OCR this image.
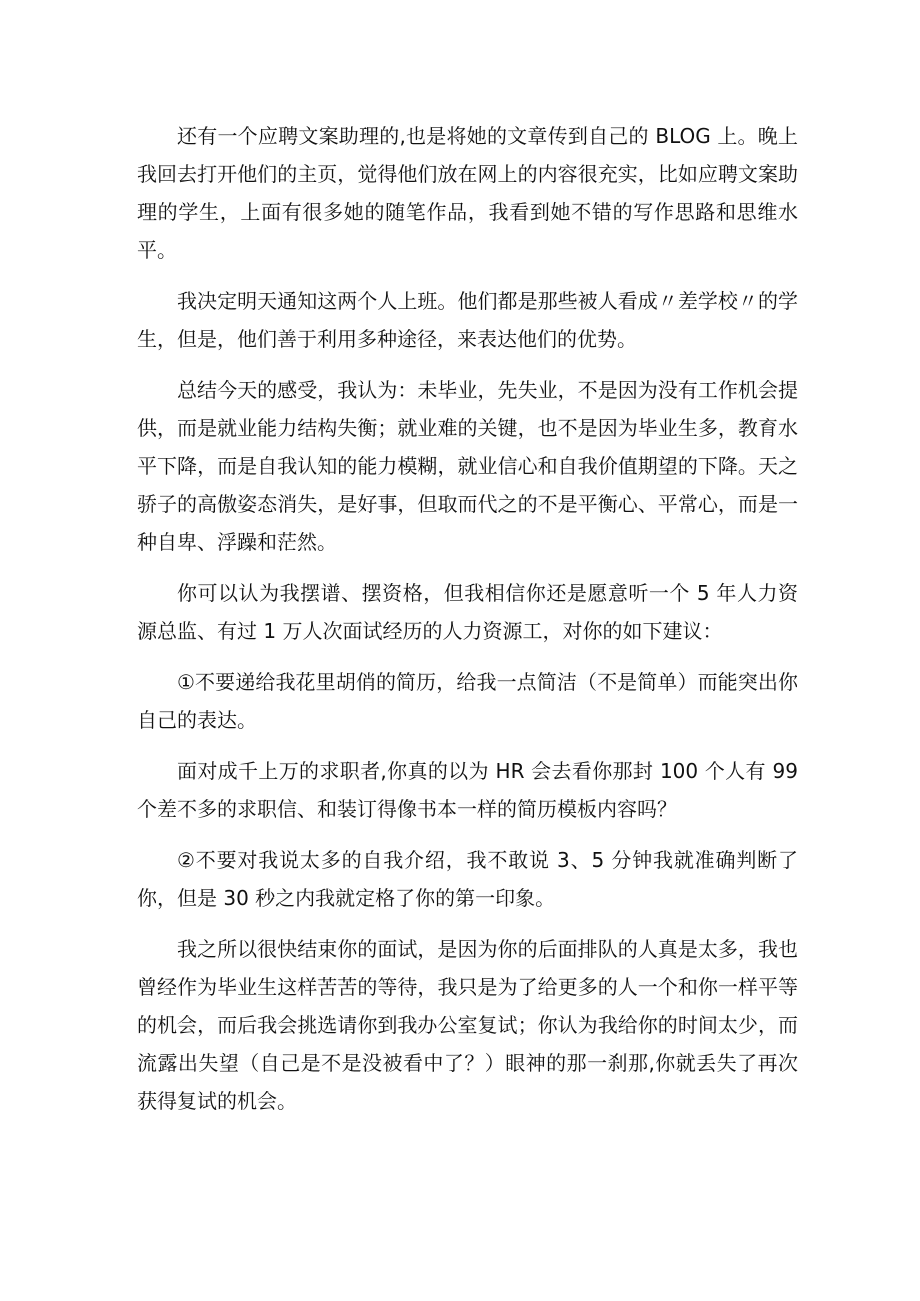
还有一个应聘文案助理的,也是将她的文章传到自己的 BLOG 上。晚上我回去打开他们的主页，觉得他们放在网上的内容很充实，比如应聘文案助理的学生，上面有很多她的随笔作品，我看到她不错的写作思路和思维水平。

我决定明天通知这两个人上班。他们都是那些被人看成〃差学校〃的学生，但是，他们善于利用多种途径，来表达他们的优势。

总结今天的感受，我认为：未毕业，先失业，不是因为没有工作机会提供，而是就业能力结构失衡；就业难的关键，也不是因为毕业生多，教育水平下降，而是自我认知的能力模糊，就业信心和自我价值期望的下降。天之骄子的高傲姿态消失，是好事，但取而代之的不是平衡心、平常心，而是一种自卑、浮躁和茫然。

你可以认为我摆谱、摆资格，但我相信你还是愿意听一个 5 年人力资源总监、有过 1 万人次面试经历的人力资源工，对你的如下建议：

①不要递给我花里胡俏的简历，给我一点简洁（不是简单）而能突出你自己的表达。

面对成千上万的求职者,你真的以为 HR 会去看你那封 100 个人有 99 个差不多的求职信、和装订得像书本一样的简历模板内容吗？

②不要对我说太多的自我介绍，我不敢说 3、5 分钟我就准确判断了你，但是 30 秒之内我就定格了你的第一印象。

我之所以很快结束你的面试，是因为你的后面排队的人真是太多，我也曾经作为毕业生这样苦苦的等待，我只是为了给更多的人一个和你一样平等的机会，而后我会挑选请你到我办公室复试；你认为我给你的时间太少，而流露出失望（自己是不是没被看中了？）眼神的那一刹那,你就丢失了再次获得复试的机会。
